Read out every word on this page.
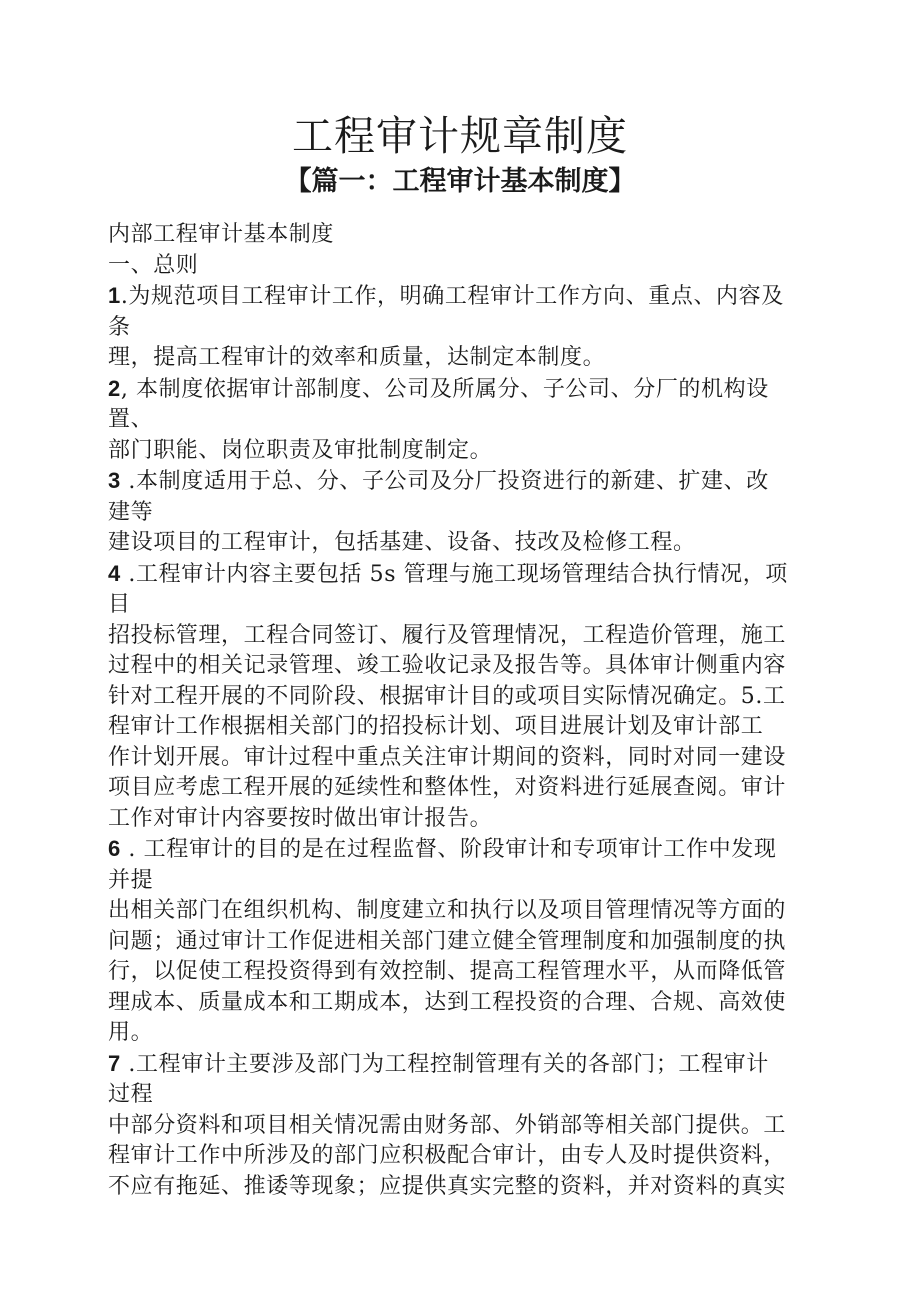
工程审计规章制度
【篇一：工程审计基本制度】
内部工程审计基本制度
一、总则
1.为规范项目工程审计工作，明确工程审计工作方向、重点、内容及
条
理，提高工程审计的效率和质量，达制定本制度。
2, 本制度依据审计部制度、公司及所属分、子公司、分厂的机构设
置、
部门职能、岗位职责及审批制度制定。
3 .本制度适用于总、分、子公司及分厂投资进行的新建、扩建、改
建等
建设项目的工程审计，包括基建、设备、技改及检修工程。
4 .工程审计内容主要包括 5s 管理与施工现场管理结合执行情况，项
目
招投标管理，工程合同签订、履行及管理情况，工程造价管理，施工
过程中的相关记录管理、竣工验收记录及报告等。具体审计侧重内容
针对工程开展的不同阶段、根据审计目的或项目实际情况确定。5.工
程审计工作根据相关部门的招投标计划、项目进展计划及审计部工
作计划开展。审计过程中重点关注审计期间的资料，同时对同一建设
项目应考虑工程开展的延续性和整体性，对资料进行延展查阅。审计
工作对审计内容要按时做出审计报告。
6 . 工程审计的目的是在过程监督、阶段审计和专项审计工作中发现
并提
出相关部门在组织机构、制度建立和执行以及项目管理情况等方面的
问题；通过审计工作促进相关部门建立健全管理制度和加强制度的执
行，以促使工程投资得到有效控制、提高工程管理水平，从而降低管
理成本、质量成本和工期成本，达到工程投资的合理、合规、高效使
用。
7 .工程审计主要涉及部门为工程控制管理有关的各部门；工程审计
过程
中部分资料和项目相关情况需由财务部、外销部等相关部门提供。工
程审计工作中所涉及的部门应积极配合审计，由专人及时提供资料，
不应有拖延、推诿等现象；应提供真实完整的资料，并对资料的真实
